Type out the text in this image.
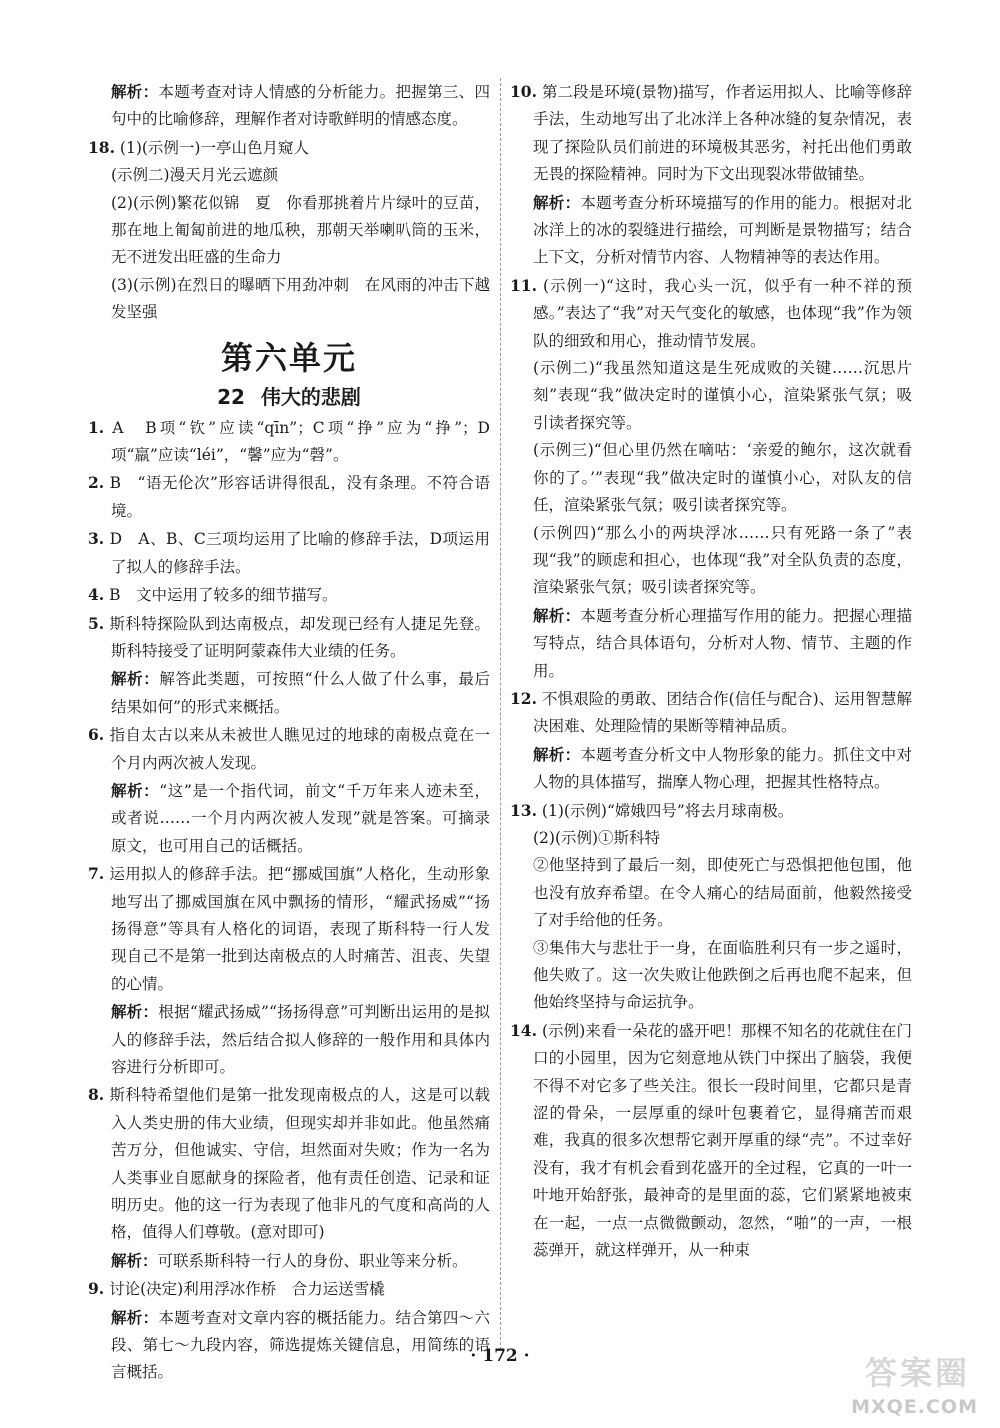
解析：本题考查对诗人情感的分析能力。把握第三、四句中的比喻修辞，理解作者对诗歌鲜明的情感态度。

18. (1)(示例一)一亭山色月窥人

(示例二)漫天月光云遮颜

(2)(示例)繁花似锦　夏　你看那挑着片片绿叶的豆苗，那在地上匍匐前进的地瓜秧，那朝天举喇叭筒的玉米，无不迸发出旺盛的生命力

(3)(示例)在烈日的曝晒下用劲冲刺　在风雨的冲击下越发坚强

第六单元
22 伟大的悲剧

1. A　B项“钦”应读“qīn”；C项“挣”应为“挣”；D项“羸”应读“léi”，“馨”应为“磬”。

2. B　“语无伦次”形容话讲得很乱，没有条理。不符合语境。

3. D　A、B、C三项均运用了比喻的修辞手法，D项运用了拟人的修辞手法。

4. B　文中运用了较多的细节描写。

5. 斯科特探险队到达南极点，却发现已经有人捷足先登。斯科特接受了证明阿蒙森伟大业绩的任务。

解析：解答此类题，可按照“什么人做了什么事，最后结果如何”的形式来概括。

6. 指自太古以来从未被世人瞧见过的地球的南极点竟在一个月内两次被人发现。

解析：“这”是一个指代词，前文“千万年来人迹未至，或者说……一个月内两次被人发现”就是答案。可摘录原文，也可用自己的话概括。

7. 运用拟人的修辞手法。把“挪威国旗”人格化，生动形象地写出了挪威国旗在风中飘扬的情形，“耀武扬威”“扬扬得意”等具有人格化的词语，表现了斯科特一行人发现自己不是第一批到达南极点的人时痛苦、沮丧、失望的心情。

解析：根据“耀武扬威”“扬扬得意”可判断出运用的是拟人的修辞手法，然后结合拟人修辞的一般作用和具体内容进行分析即可。

8. 斯科特希望他们是第一批发现南极点的人，这是可以载入人类史册的伟大业绩，但现实却并非如此。他虽然痛苦万分，但他诚实、守信，坦然面对失败；作为一名为人类事业自愿献身的探险者，他有责任创造、记录和证明历史。他的这一行为表现了他非凡的气度和高尚的人格，值得人们尊敬。(意对即可)

解析：可联系斯科特一行人的身份、职业等来分析。

9. 讨论(决定)利用浮冰作桥　合力运送雪橇

解析：本题考查对文章内容的概括能力。结合第四～六段、第七～九段内容，筛选提炼关键信息，用简练的语言概括。

10. 第二段是环境(景物)描写，作者运用拟人、比喻等修辞手法，生动地写出了北冰洋上各种冰缝的复杂情况，表现了探险队员们前进的环境极其恶劣，衬托出他们勇敢无畏的探险精神。同时为下文出现裂冰带做铺垫。

解析：本题考查分析环境描写的作用的能力。根据对北冰洋上的冰的裂缝进行描绘，可判断是景物描写；结合上下文，分析对情节内容、人物精神等的表达作用。

11. (示例一)“这时，我心头一沉，似乎有一种不祥的预感。”表达了“我”对天气变化的敏感，也体现“我”作为领队的细致和用心，推动情节发展。

(示例二)“我虽然知道这是生死成败的关键……沉思片刻”表现“我”做决定时的谨慎小心，渲染紧张气氛；吸引读者探究等。

(示例三)“但心里仍然在嘀咕：‘亲爱的鲍尔，这次就看你的了。’”表现“我”做决定时的谨慎小心，对队友的信任，渲染紧张气氛；吸引读者探究等。

(示例四)“那么小的两块浮冰……只有死路一条了”表现“我”的顾虑和担心，也体现“我”对全队负责的态度，渲染紧张气氛；吸引读者探究等。

解析：本题考查分析心理描写作用的能力。把握心理描写特点，结合具体语句，分析对人物、情节、主题的作用。

12. 不惧艰险的勇敢、团结合作(信任与配合)、运用智慧解决困难、处理险情的果断等精神品质。

解析：本题考查分析文中人物形象的能力。抓住文中对人物的具体描写，揣摩人物心理，把握其性格特点。

13. (1)(示例)“嫦娥四号”将去月球南极。

(2)(示例)①斯科特

②他坚持到了最后一刻，即使死亡与恐惧把他包围，他也没有放弃希望。在令人痛心的结局面前，他毅然接受了对手给他的任务。

③集伟大与悲壮于一身，在面临胜利只有一步之遥时，他失败了。这一次失败让他跌倒之后再也爬不起来，但他始终坚持与命运抗争。

14. (示例)来看一朵花的盛开吧！那棵不知名的花就住在门口的小园里，因为它刻意地从铁门中探出了脑袋，我便不得不对它多了些关注。很长一段时间里，它都只是青涩的骨朵，一层厚重的绿叶包裹着它，显得痛苦而艰难，我真的很多次想帮它剥开厚重的绿“壳”。不过幸好没有，我才有机会看到花盛开的全过程，它真的一叶一叶地开始舒张，最神奇的是里面的蕊，它们紧紧地被束在一起，一点一点微微颤动，忽然，“啪”的一声，一根蕊弹开，就这样弹开，从一种束

· 172 ·	答案圈
MXQE.COM
